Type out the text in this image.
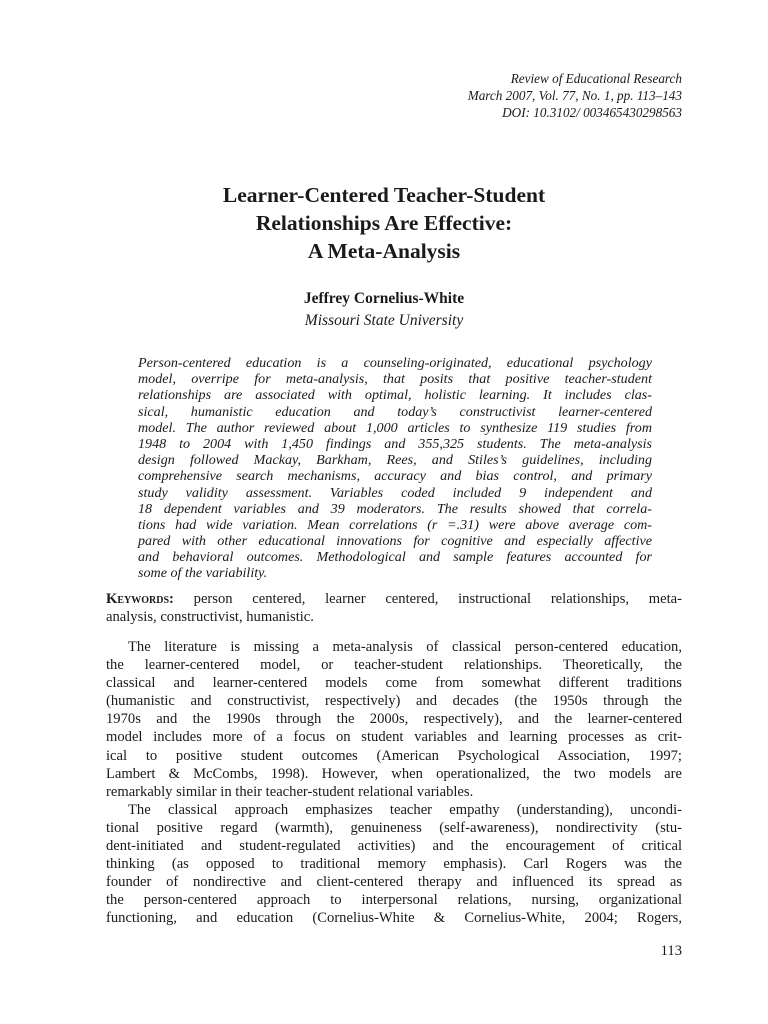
Review of Educational Research
March 2007, Vol. 77, No. 1, pp. 113–143
DOI: 10.3102/ 003465430298563
Learner-Centered Teacher-Student
Relationships Are Effective:
A Meta-Analysis
Jeffrey Cornelius-White
Missouri State University
Person-centered education is a counseling-originated, educational psychology
model, overripe for meta-analysis, that posits that positive teacher-student
relationships are associated with optimal, holistic learning. It includes clas-
sical, humanistic education and today’s constructivist learner-centered
model. The author reviewed about 1,000 articles to synthesize 119 studies from
1948 to 2004 with 1,450 findings and 355,325 students. The meta-analysis
design followed Mackay, Barkham, Rees, and Stiles’s guidelines, including
comprehensive search mechanisms, accuracy and bias control, and primary
study validity assessment. Variables coded included 9 independent and
18 dependent variables and 39 moderators. The results showed that correla-
tions had wide variation. Mean correlations (r =.31) were above average com-
pared with other educational innovations for cognitive and especially affective
and behavioral outcomes. Methodological and sample features accounted for
some of the variability.
Keywords: person centered, learner centered, instructional relationships, meta-
analysis, constructivist, humanistic.
The literature is missing a meta-analysis of classical person-centered education,
the learner-centered model, or teacher-student relationships. Theoretically, the
classical and learner-centered models come from somewhat different traditions
(humanistic and constructivist, respectively) and decades (the 1950s through the
1970s and the 1990s through the 2000s, respectively), and the learner-centered
model includes more of a focus on student variables and learning processes as crit-
ical to positive student outcomes (American Psychological Association, 1997;
Lambert & McCombs, 1998). However, when operationalized, the two models are
remarkably similar in their teacher-student relational variables.
The classical approach emphasizes teacher empathy (understanding), uncondi-
tional positive regard (warmth), genuineness (self-awareness), nondirectivity (stu-
dent-initiated and student-regulated activities) and the encouragement of critical
thinking (as opposed to traditional memory emphasis). Carl Rogers was the
founder of nondirective and client-centered therapy and influenced its spread as
the person-centered approach to interpersonal relations, nursing, organizational
functioning, and education (Cornelius-White & Cornelius-White, 2004; Rogers,
113
